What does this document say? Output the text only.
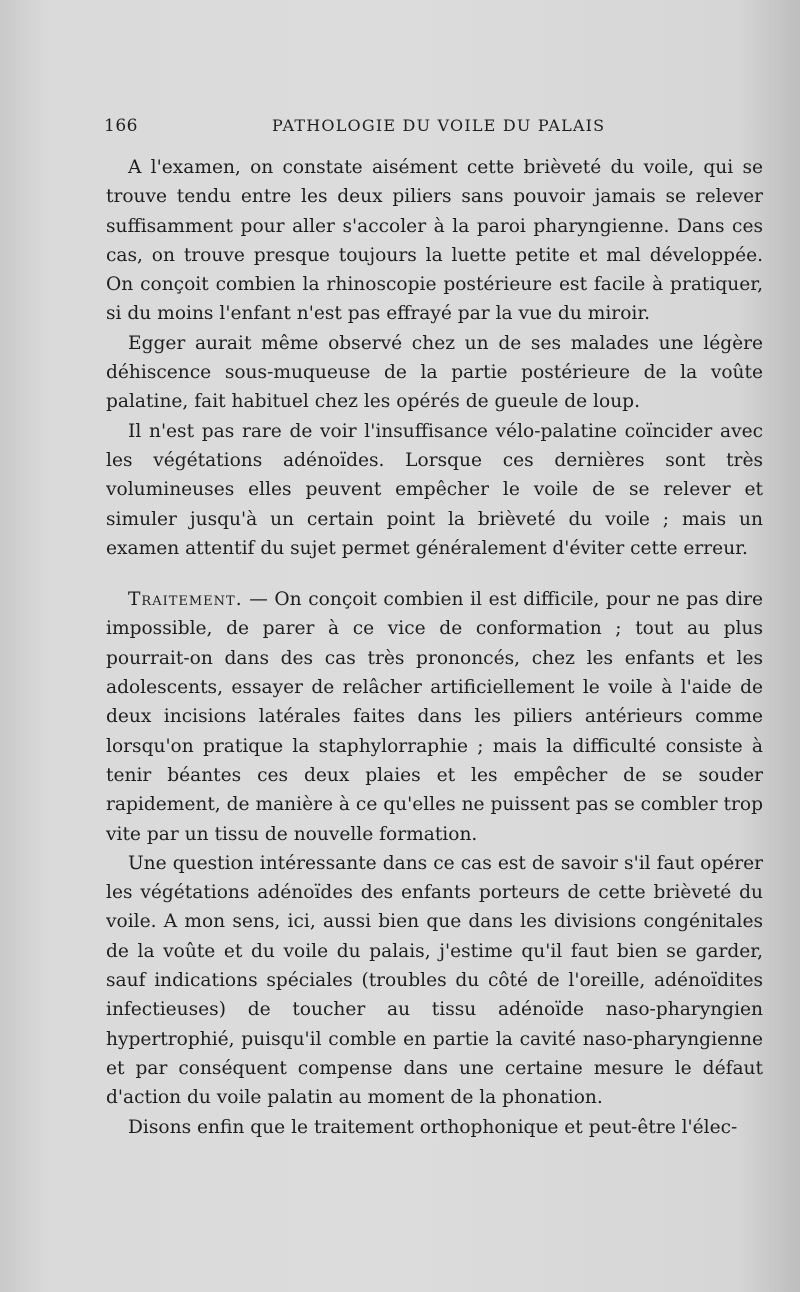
166	PATHOLOGIE DU VOILE DU PALAIS

A l'examen, on constate aisément cette brièveté du voile, qui se trouve tendu entre les deux piliers sans pouvoir jamais se relever suffisamment pour aller s'accoler à la paroi pharyngienne. Dans ces cas, on trouve presque toujours la luette petite et mal développée. On conçoit combien la rhinoscopie postérieure est facile à pratiquer, si du moins l'enfant n'est pas effrayé par la vue du miroir.

Egger aurait même observé chez un de ses malades une légère déhiscence sous-muqueuse de la partie postérieure de la voûte palatine, fait habituel chez les opérés de gueule de loup.

Il n'est pas rare de voir l'insuffisance vélo-palatine coïncider avec les végétations adénoïdes. Lorsque ces dernières sont très volumineuses elles peuvent empêcher le voile de se relever et simuler jusqu'à un certain point la brièveté du voile ; mais un examen attentif du sujet permet généralement d'éviter cette erreur.

Traitement. — On conçoit combien il est difficile, pour ne pas dire impossible, de parer à ce vice de conformation ; tout au plus pourrait-on dans des cas très prononcés, chez les enfants et les adolescents, essayer de relâcher artificiellement le voile à l'aide de deux incisions latérales faites dans les piliers antérieurs comme lorsqu'on pratique la staphylorraphie ; mais la difficulté consiste à tenir béantes ces deux plaies et les empêcher de se souder rapidement, de manière à ce qu'elles ne puissent pas se combler trop vite par un tissu de nouvelle formation.

Une question intéressante dans ce cas est de savoir s'il faut opérer les végétations adénoïdes des enfants porteurs de cette brièveté du voile. A mon sens, ici, aussi bien que dans les divisions congénitales de la voûte et du voile du palais, j'estime qu'il faut bien se garder, sauf indications spéciales (troubles du côté de l'oreille, adénoïdites infectieuses) de toucher au tissu adénoïde naso-pharyngien hypertrophié, puisqu'il comble en partie la cavité naso-pharyngienne et par conséquent compense dans une certaine mesure le défaut d'action du voile palatin au moment de la phonation.

Disons enfin que le traitement orthophonique et peut-être l'élec-
